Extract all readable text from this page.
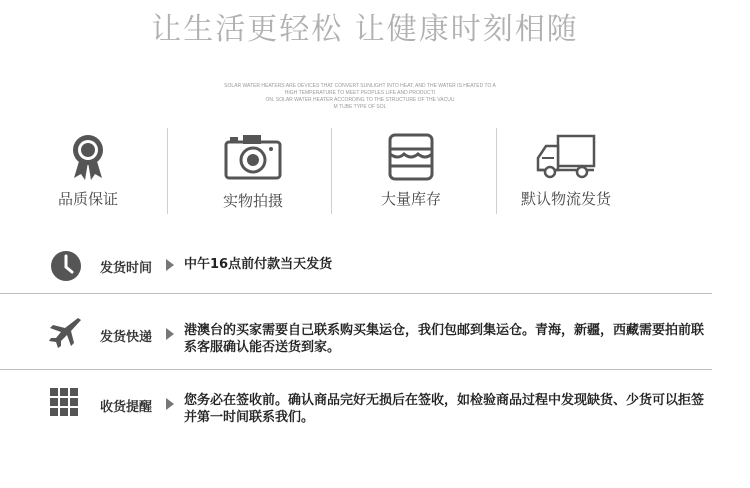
让生活更轻松 让健康时刻相随
SOLAR WATER HEATERS ARE DEVICES THAT CONVERT SUNLIGHT INTO HEAT, AND THE WATER IS HEATED TO A
HIGH TEMPERATURE TO MEET PEOPLES LIFE AND PRODUCTI
ON. SOLAR WATER HEATER ACCORDING TO THE STRUCTURE OF THE VACUU
M TUBE TYPE OF SOL
品质保证	实物拍摄	大量库存	默认物流发货
发货时间 中午16点前付款当天发货
发货快递 港澳台的买家需要自己联系购买集运仓，我们包邮到集运仓。青海，新疆，西藏需要拍前联系客服确认能否送货到家。
收货提醒 您务必在签收前。确认商品完好无损后在签收，如检验商品过程中发现缺货、少货可以拒签并第一时间联系我们。
